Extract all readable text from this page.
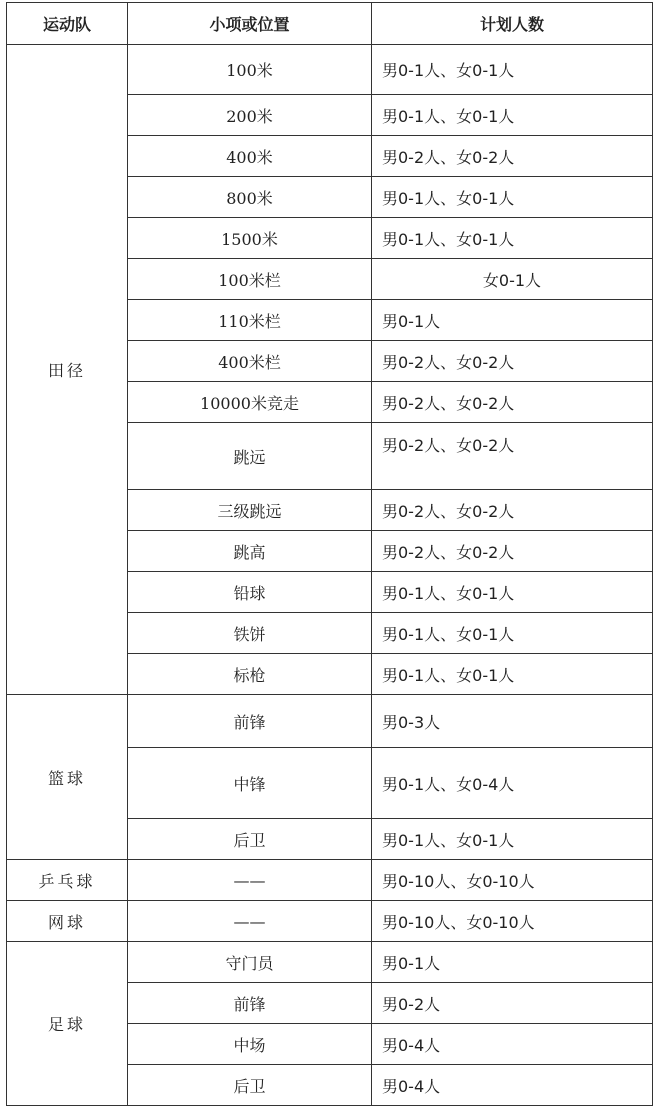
运动队	小项或位置	计划人数
田径	100米	男0-1人、女0-1人
	200米	男0-1人、女0-1人
	400米	男0-2人、女0-2人
	800米	男0-1人、女0-1人
	1500米	男0-1人、女0-1人
	100米栏	女0-1人
	110米栏	男0-1人
	400米栏	男0-2人、女0-2人
	10000米竞走	男0-2人、女0-2人
	跳远	男0-2人、女0-2人
	三级跳远	男0-2人、女0-2人
	跳高	男0-2人、女0-2人
	铅球	男0-1人、女0-1人
	铁饼	男0-1人、女0-1人
	标枪	男0-1人、女0-1人
篮球	前锋	男0-3人
	中锋	男0-1人、女0-4人
	后卫	男0-1人、女0-1人
乒乓球	——	男0-10人、女0-10人
网球	——	男0-10人、女0-10人
足球	守门员	男0-1人
	前锋	男0-2人
	中场	男0-4人
	后卫	男0-4人
